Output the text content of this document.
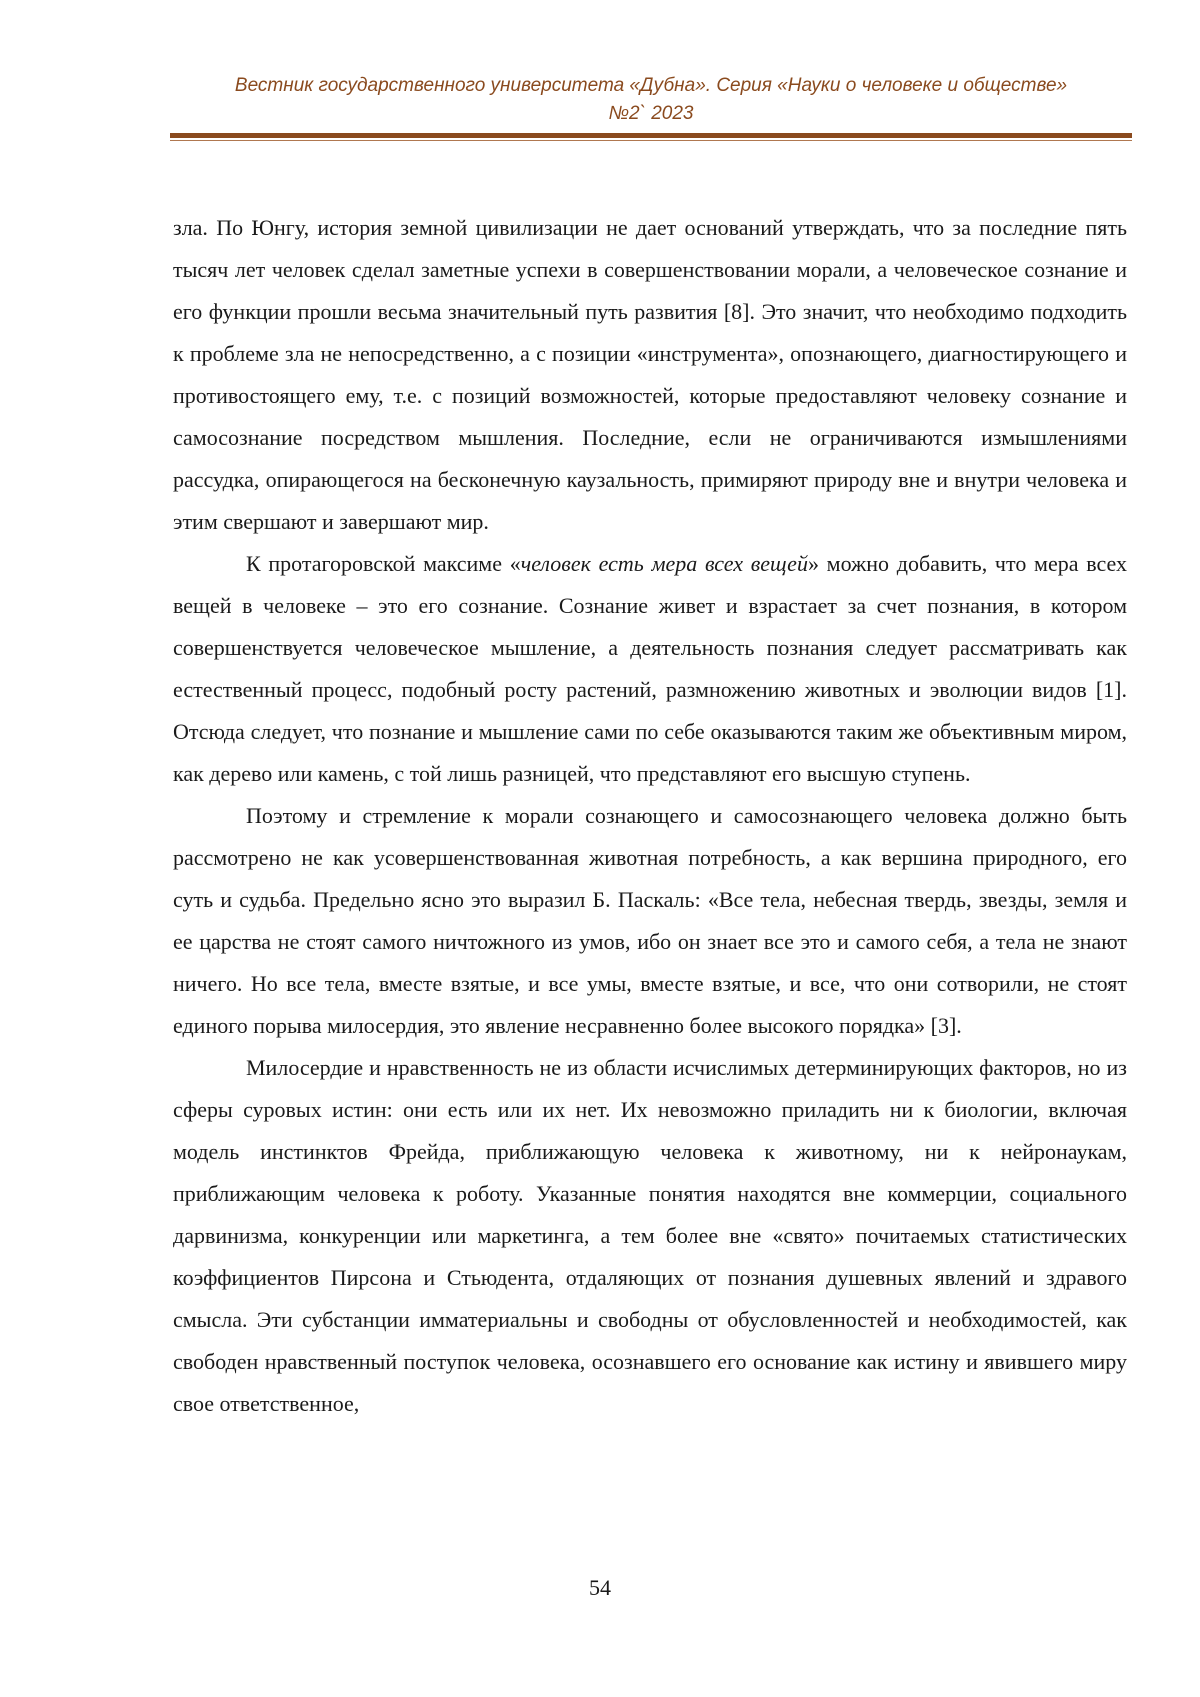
Вестник государственного университета «Дубна». Серия «Науки о человеке и обществе»
№2` 2023

зла. По Юнгу, история земной цивилизации не дает оснований утверждать, что за последние пять тысяч лет человек сделал заметные успехи в совершенствовании морали, а человеческое сознание и его функции прошли весьма значительный путь развития [8]. Это значит, что необходимо подходить к проблеме зла не непосредственно, а с позиции «инструмента», опознающего, диагностирующего и противостоящего ему, т.е. с позиций возможностей, которые предоставляют человеку сознание и самосознание посредством мышления. Последние, если не ограничиваются измышлениями рассудка, опирающегося на бесконечную каузальность, примиряют природу вне и внутри человека и этим свершают и завершают мир.

К протагоровской максиме «человек есть мера всех вещей» можно добавить, что мера всех вещей в человеке – это его сознание. Сознание живет и взрастает за счет познания, в котором совершенствуется человеческое мышление, а деятельность познания следует рассматривать как естественный процесс, подобный росту растений, размножению животных и эволюции видов [1]. Отсюда следует, что познание и мышление сами по себе оказываются таким же объективным миром, как дерево или камень, с той лишь разницей, что представляют его высшую ступень.

Поэтому и стремление к морали сознающего и самосознающего человека должно быть рассмотрено не как усовершенствованная животная потребность, а как вершина природного, его суть и судьба. Предельно ясно это выразил Б. Паскаль: «Все тела, небесная твердь, звезды, земля и ее царства не стоят самого ничтожного из умов, ибо он знает все это и самого себя, а тела не знают ничего. Но все тела, вместе взятые, и все умы, вместе взятые, и все, что они сотворили, не стоят единого порыва милосердия, это явление несравненно более высокого порядка» [3].

Милосердие и нравственность не из области исчислимых детерминирующих факторов, но из сферы суровых истин: они есть или их нет. Их невозможно приладить ни к биологии, включая модель инстинктов Фрейда, приближающую человека к животному, ни к нейронаукам, приближающим человека к роботу. Указанные понятия находятся вне коммерции, социального дарвинизма, конкуренции или маркетинга, а тем более вне «свято» почитаемых статистических коэффициентов Пирсона и Стьюдента, отдаляющих от познания душевных явлений и здравого смысла. Эти субстанции имматериальны и свободны от обусловленностей и необходимостей, как свободен нравственный поступок человека, осознавшего его основание как истину и явившего миру свое ответственное,

54
